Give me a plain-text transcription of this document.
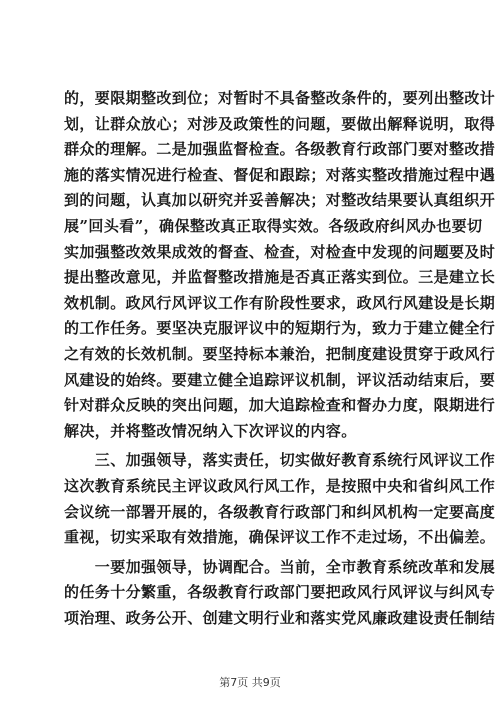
的，要限期整改到位；对暂时不具备整改条件的，要列出整改计
划，让群众放心；对涉及政策性的问题，要做出解释说明，取得
群众的理解。二是加强监督检查。各级教育行政部门要对整改措
施的落实情况进行检查、督促和跟踪；对落实整改措施过程中遇
到的问题，认真加以研究并妥善解决；对整改结果要认真组织开
展”回头看”，确保整改真正取得实效。各级政府纠风办也要切
实加强整改效果成效的督查、检查，对检查中发现的问题要及时
提出整改意见，并监督整改措施是否真正落实到位。三是建立长
效机制。政风行风评议工作有阶段性要求，政风行风建设是长期
的工作任务。要坚决克服评议中的短期行为，致力于建立健全行
之有效的长效机制。要坚持标本兼治，把制度建设贯穿于政风行
风建设的始终。要建立健全追踪评议机制，评议活动结束后，要
针对群众反映的突出问题，加大追踪检查和督办力度，限期进行
解决，并将整改情况纳入下次评议的内容。
　　三、加强领导，落实责任，切实做好教育系统行风评议工作
这次教育系统民主评议政风行风工作，是按照中央和省纠风工作
会议统一部署开展的，各级教育行政部门和纠风机构一定要高度
重视，切实采取有效措施，确保评议工作不走过场，不出偏差。
　　一要加强领导，协调配合。当前，全市教育系统改革和发展
的任务十分繁重，各级教育行政部门要把政风行风评议与纠风专
项治理、政务公开、创建文明行业和落实党风廉政建设责任制结
第7页 共9页
